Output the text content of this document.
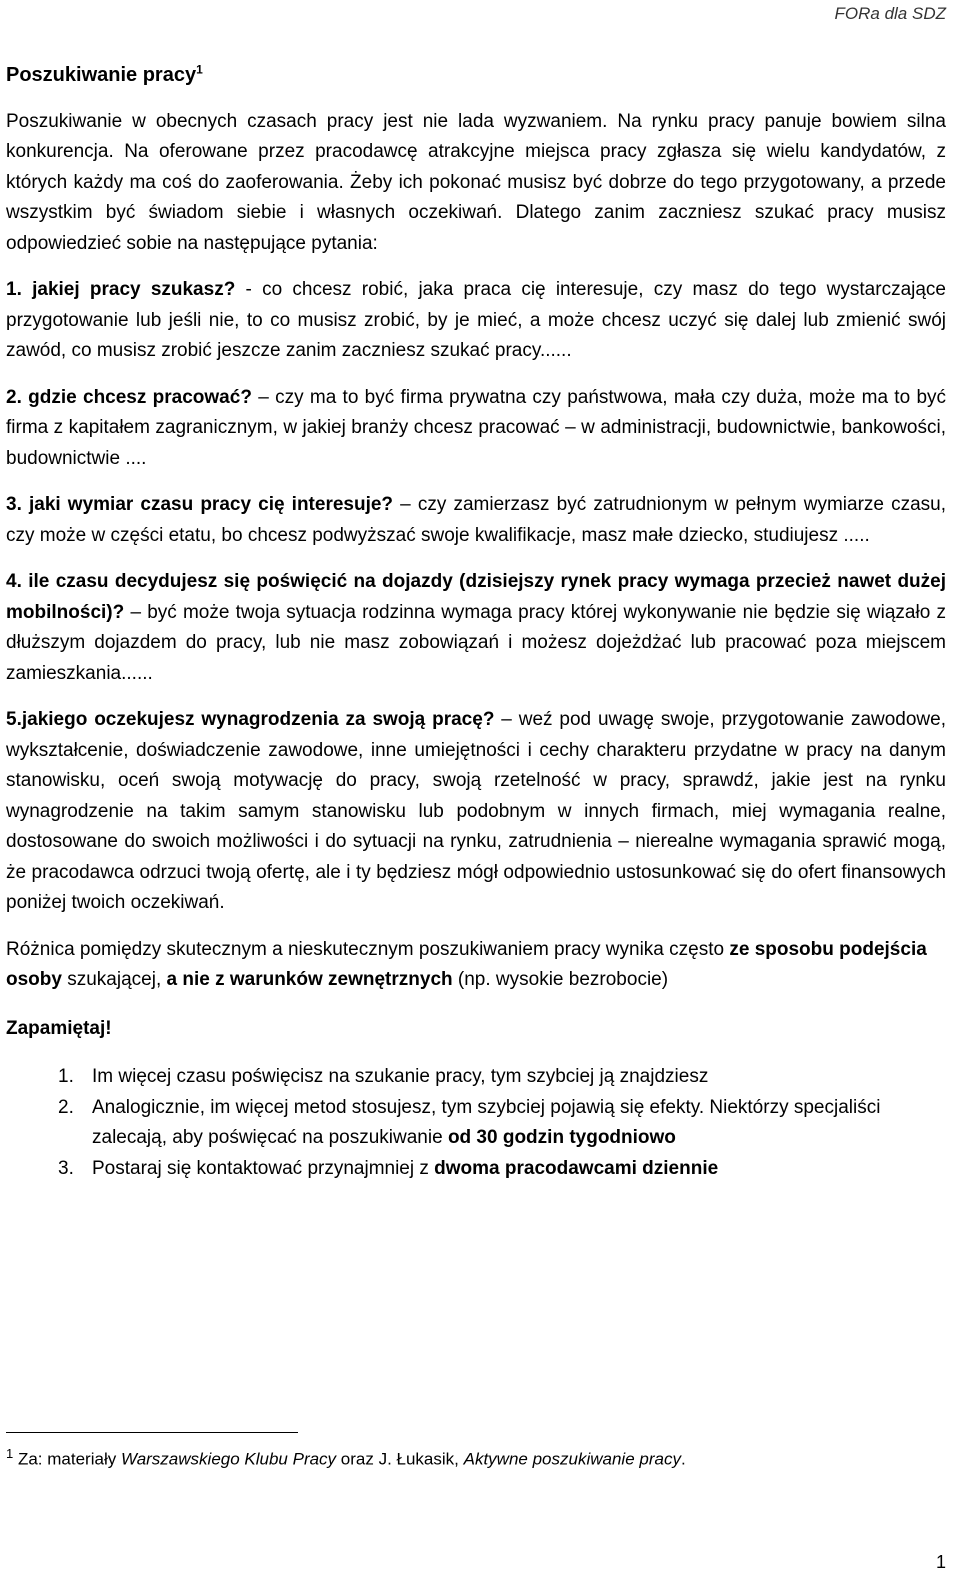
FORa dla SDZ
Poszukiwanie pracy$^1$

Poszukiwanie w obecnych czasach pracy jest nie lada wyzwaniem. Na rynku pracy panuje bowiem silna konkurencja. Na oferowane przez pracodawcę atrakcyjne miejsca pracy zgłasza się wielu kandydatów, z których każdy ma coś do zaoferowania. Żeby ich pokonać musisz być dobrze do tego przygotowany, a przede wszystkim być świadom siebie i własnych oczekiwań. Dlatego zanim zaczniesz szukać pracy musisz odpowiedzieć sobie na następujące pytania:

1. jakiej pracy szukasz? - co chcesz robić, jaka praca cię interesuje, czy masz do tego wystarczające przygotowanie lub jeśli nie, to co musisz zrobić, by je mieć, a może chcesz uczyć się dalej lub zmienić swój zawód, co musisz zrobić jeszcze zanim zaczniesz szukać pracy......

2. gdzie chcesz pracować? – czy ma to być firma prywatna czy państwowa, mała czy duża, może ma to być firma z kapitałem zagranicznym, w jakiej branży chcesz pracować – w administracji, budownictwie, bankowości, budownictwie ....

3. jaki wymiar czasu pracy cię interesuje? – czy zamierzasz być zatrudnionym w pełnym wymiarze czasu, czy może w części etatu, bo chcesz podwyższać swoje kwalifikacje, masz małe dziecko, studiujesz .....

4. ile czasu decydujesz się poświęcić na dojazdy (dzisiejszy rynek pracy wymaga przecież nawet dużej mobilności)? – być może twoja sytuacja rodzinna wymaga pracy której wykonywanie nie będzie się wiązało z dłuższym dojazdem do pracy, lub nie masz zobowiązań i możesz dojeżdżać lub pracować poza miejscem zamieszkania......

5.jakiego oczekujesz wynagrodzenia za swoją pracę? – weź pod uwagę swoje, przygotowanie zawodowe, wykształcenie, doświadczenie zawodowe, inne umiejętności i cechy charakteru przydatne w pracy na danym stanowisku, oceń swoją motywację do pracy, swoją rzetelność w pracy, sprawdź, jakie jest na rynku wynagrodzenie na takim samym stanowisku lub podobnym w innych firmach, miej wymagania realne, dostosowane do swoich możliwości i do sytuacji na rynku, zatrudnienia – nierealne wymagania sprawić mogą, że pracodawca odrzuci twoją ofertę, ale i ty będziesz mógł odpowiednio ustosunkować się do ofert finansowych poniżej twoich oczekiwań.

Różnica pomiędzy skutecznym a nieskutecznym poszukiwaniem pracy wynika często ze sposobu podejścia osoby szukającej, a nie z warunków zewnętrznych (np. wysokie bezrobocie)

Zapamiętaj!
1. Im więcej czasu poświęcisz na szukanie pracy, tym szybciej ją znajdziesz
2. Analogicznie, im więcej metod stosujesz, tym szybciej pojawią się efekty. Niektórzy specjaliści zalecają, aby poświęcać na poszukiwanie od 30 godzin tygodniowo
3. Postaraj się kontaktować przynajmniej z dwoma pracodawcami dziennie
$^1$ Za: materiały Warszawskiego Klubu Pracy oraz J. Łukasik, Aktywne poszukiwanie pracy.
1
